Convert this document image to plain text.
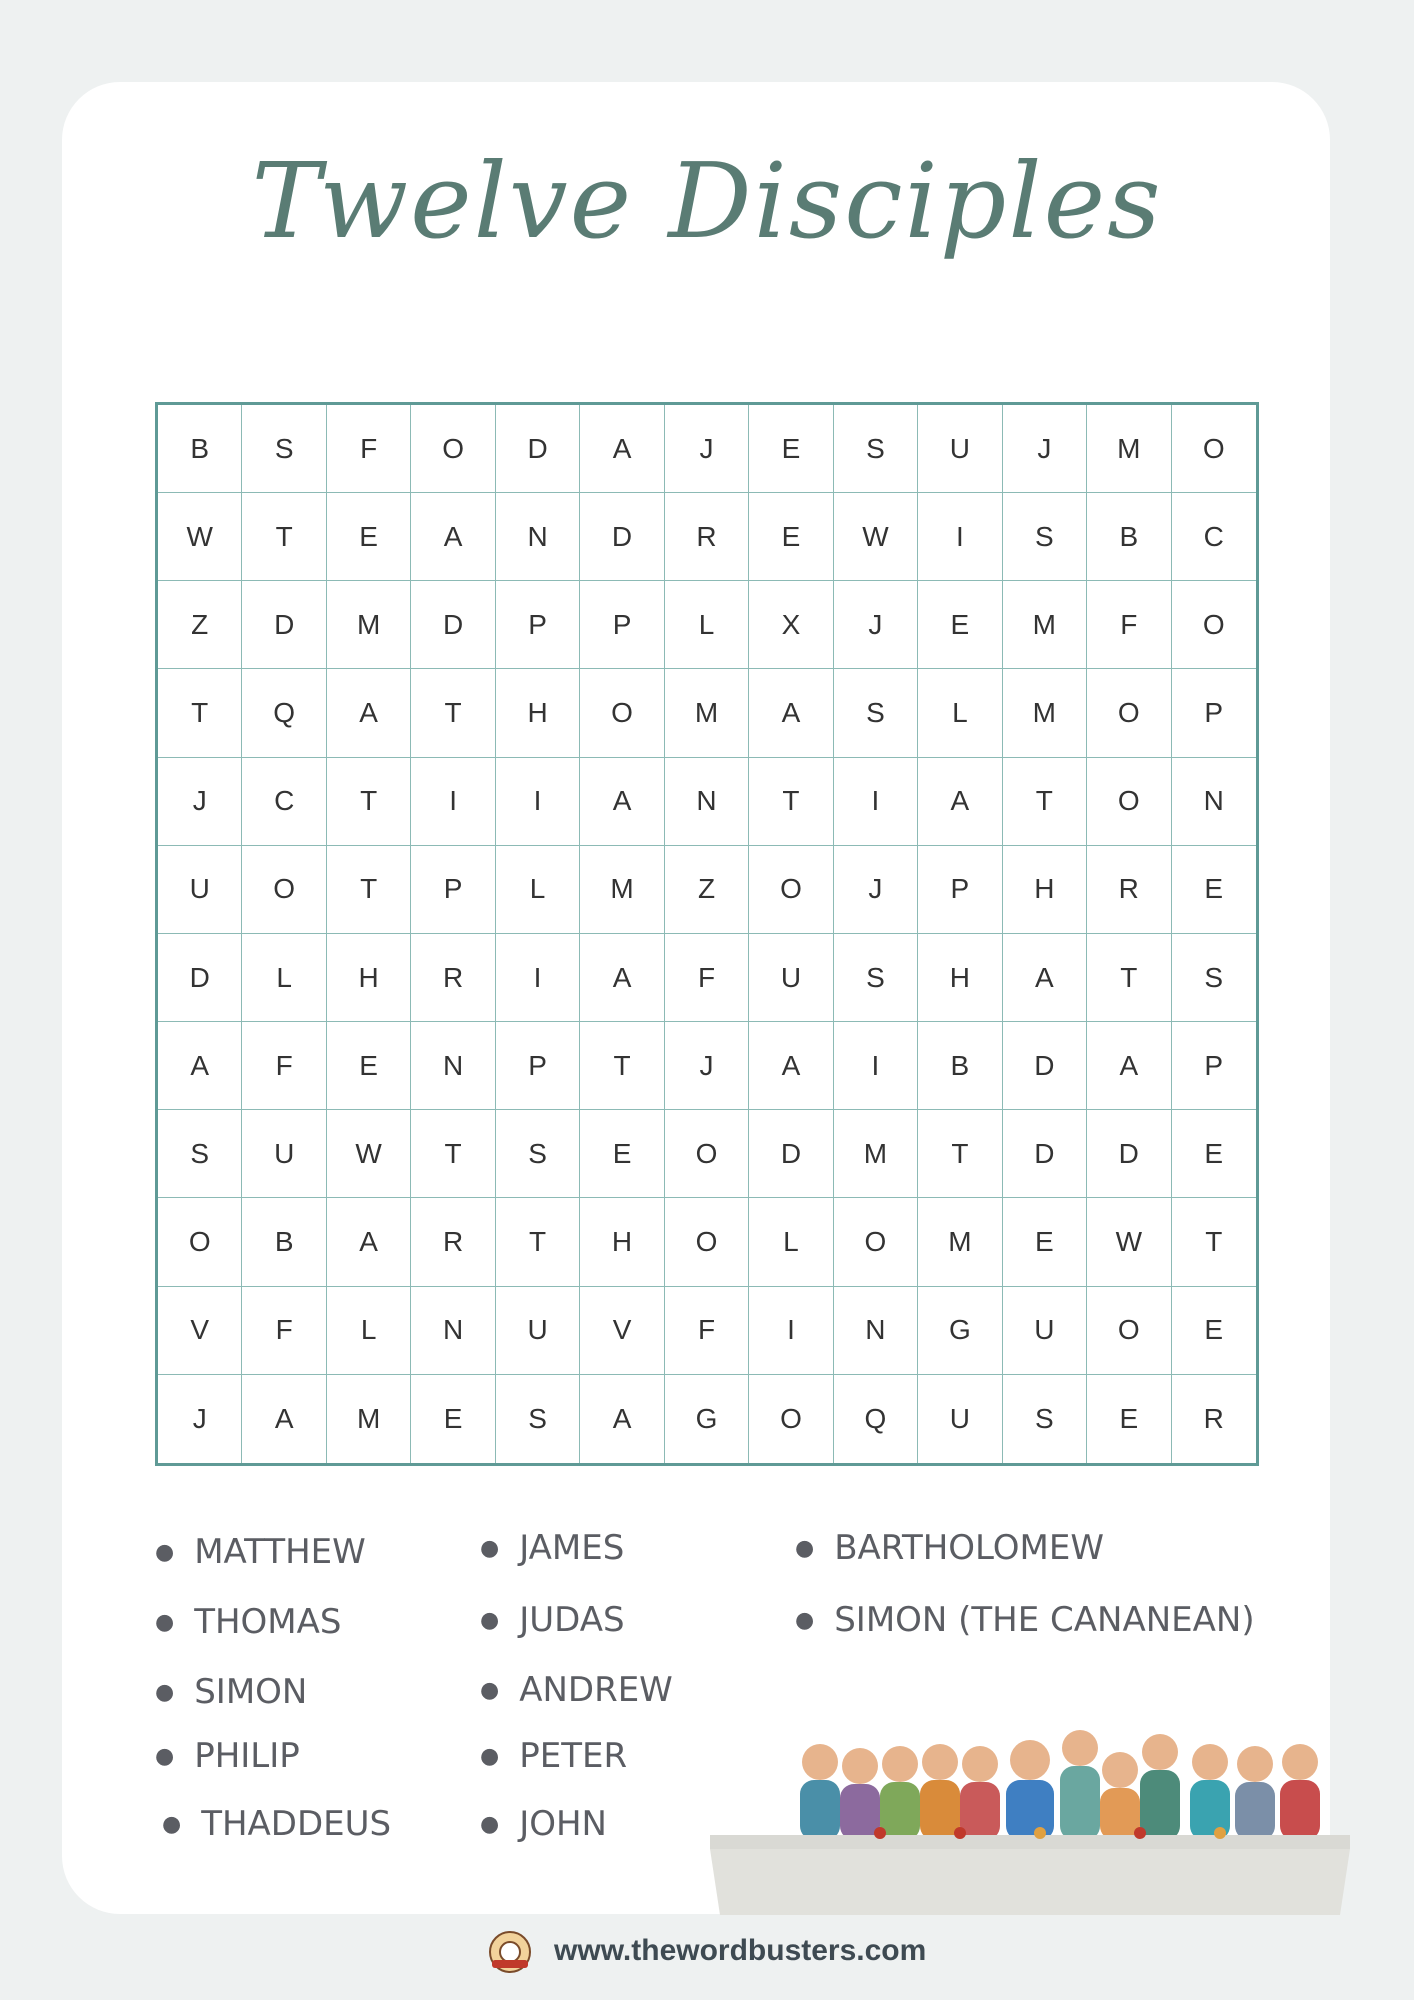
Twelve Disciples
B	S	F	O	D	A	J	E	S	U	J	M	O
W	T	E	A	N	D	R	E	W	I	S	B	C
Z	D	M	D	P	P	L	X	J	E	M	F	O
T	Q	A	T	H	O	M	A	S	L	M	O	P
J	C	T	I	I	A	N	T	I	A	T	O	N
U	O	T	P	L	M	Z	O	J	P	H	R	E
D	L	H	R	I	A	F	U	S	H	A	T	S
A	F	E	N	P	T	J	A	I	B	D	A	P
S	U	W	T	S	E	O	D	M	T	D	D	E
O	B	A	R	T	H	O	L	O	M	E	W	T
V	F	L	N	U	V	F	I	N	G	U	O	E
J	A	M	E	S	A	G	O	Q	U	S	E	R
● MATTHEW
● THOMAS
● SIMON
● PHILIP
● THADDEUS
● JAMES
● JUDAS
● ANDREW
● PETER
● JOHN
● BARTHOLOMEW
● SIMON (THE CANANEAN)
www.thewordbusters.com
